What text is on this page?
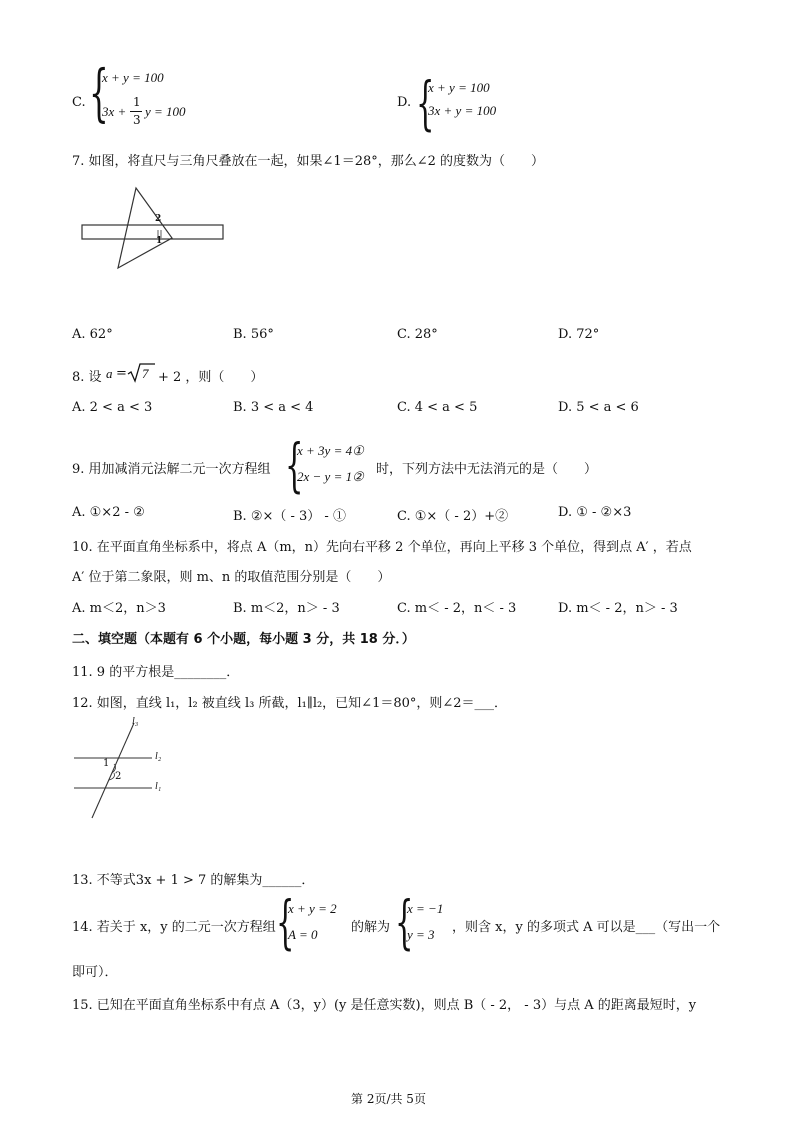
C. {
x + y = 100
3x +
1
3
y = 100
D. {
x + y = 100
3x + y = 100
7. 如图，将直尺与三角尺叠放在一起，如果∠1＝28°，那么∠2 的度数为（　　）
2
1
A. 62°	B. 56°	C. 28°	D. 72°
8. 设 a = 7 + 2 ，则（　　）
A. 2 < a < 3	B. 3 < a < 4	C. 4 < a < 5	D. 5 < a < 6
9. 用加减消元法解二元一次方程组 {
x + 3y = 4①
2x − y = 1② 时，下列方法中无法消元的是（　　）
A. ①×2 - ②	B. ②×（ - 3） - ①	C. ①×（ - 2）+②	D. ① - ②×3
10. 在平面直角坐标系中，将点 A（m，n）先向右平移 2 个单位，再向上平移 3 个单位，得到点 A′ ，若点
A′ 位于第二象限，则 m、n 的取值范围分别是（　　）
A. m＜2，n＞3	B. m＜2，n＞ - 3	C. m＜ - 2，n＜ - 3	D. m＜ - 2，n＞ - 3
二、填空题（本题有 6 个小题，每小题 3 分，共 18 分．）
11. 9 的平方根是________．
12. 如图，直线 l₁，l₂ 被直线 l₃ 所截，l₁∥l₂，已知∠1＝80°，则∠2＝___．
l₃
l₂
l₁
1
2
13. 不等式3x + 1 > 7 的解集为______．
14. 若关于 x，y 的二元一次方程组 {
x + y = 2
A = 0	的解为 {
x = −1
y = 3 ，则含 x，y 的多项式 A 可以是___（写出一个
即可）．
15. 已知在平面直角坐标系中有点 A（3，y）(y 是任意实数)，则点 B（ - 2， - 3）与点 A 的距离最短时，y
第 2页/共 5页
